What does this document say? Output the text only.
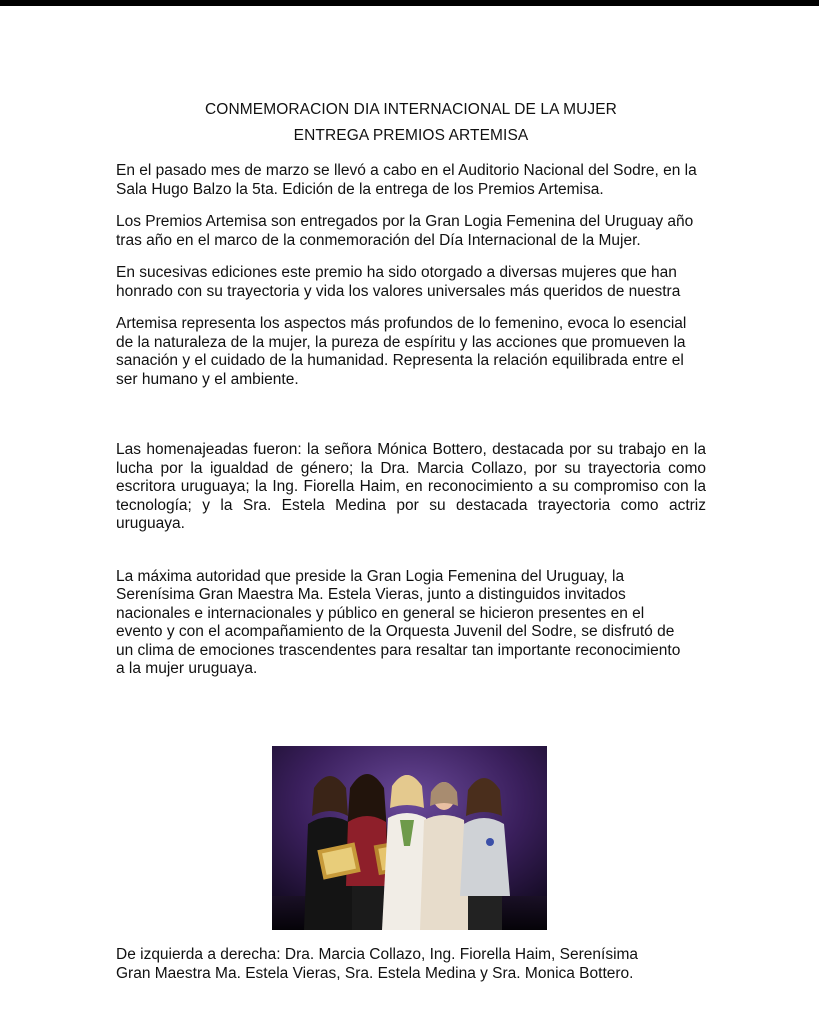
CONMEMORACION DIA INTERNACIONAL DE LA MUJER
ENTREGA PREMIOS ARTEMISA

En el pasado mes de marzo se llevó a cabo en el Auditorio Nacional del Sodre, en la Sala Hugo Balzo la 5ta. Edición de la entrega de los Premios Artemisa.

Los Premios Artemisa son entregados por la Gran Logia Femenina del Uruguay año tras año en el marco de la conmemoración del Día Internacional de la Mujer.

En sucesivas ediciones este premio ha sido otorgado a diversas mujeres que han honrado con su trayectoria y vida los valores universales más queridos de nuestra

Artemisa representa los aspectos más profundos de lo femenino, evoca lo esencial de la naturaleza de la mujer, la pureza de espíritu y las acciones que promueven la sanación y el cuidado de la humanidad. Representa la relación equilibrada entre el ser humano y el ambiente.

Las homenajeadas fueron: la señora Mónica Bottero, destacada por su trabajo en la lucha por la igualdad de género; la Dra. Marcia Collazo, por su trayectoria como escritora uruguaya; la Ing. Fiorella Haim, en reconocimiento a su compromiso con la tecnología; y la Sra. Estela Medina por su destacada trayectoria como actriz uruguaya.

La máxima autoridad que preside la Gran Logia Femenina del Uruguay, la Serenísima Gran Maestra Ma. Estela Vieras, junto a distinguidos invitados nacionales e internacionales y público en general se hicieron presentes en el evento y con el acompañamiento de la Orquesta Juvenil del Sodre, se disfrutó de un clima de emociones trascendentes para resaltar tan importante reconocimiento a la mujer uruguaya.

De izquierda a derecha: Dra. Marcia Collazo, Ing. Fiorella Haim, Serenísima Gran Maestra Ma. Estela Vieras, Sra. Estela Medina y Sra. Monica Bottero.
